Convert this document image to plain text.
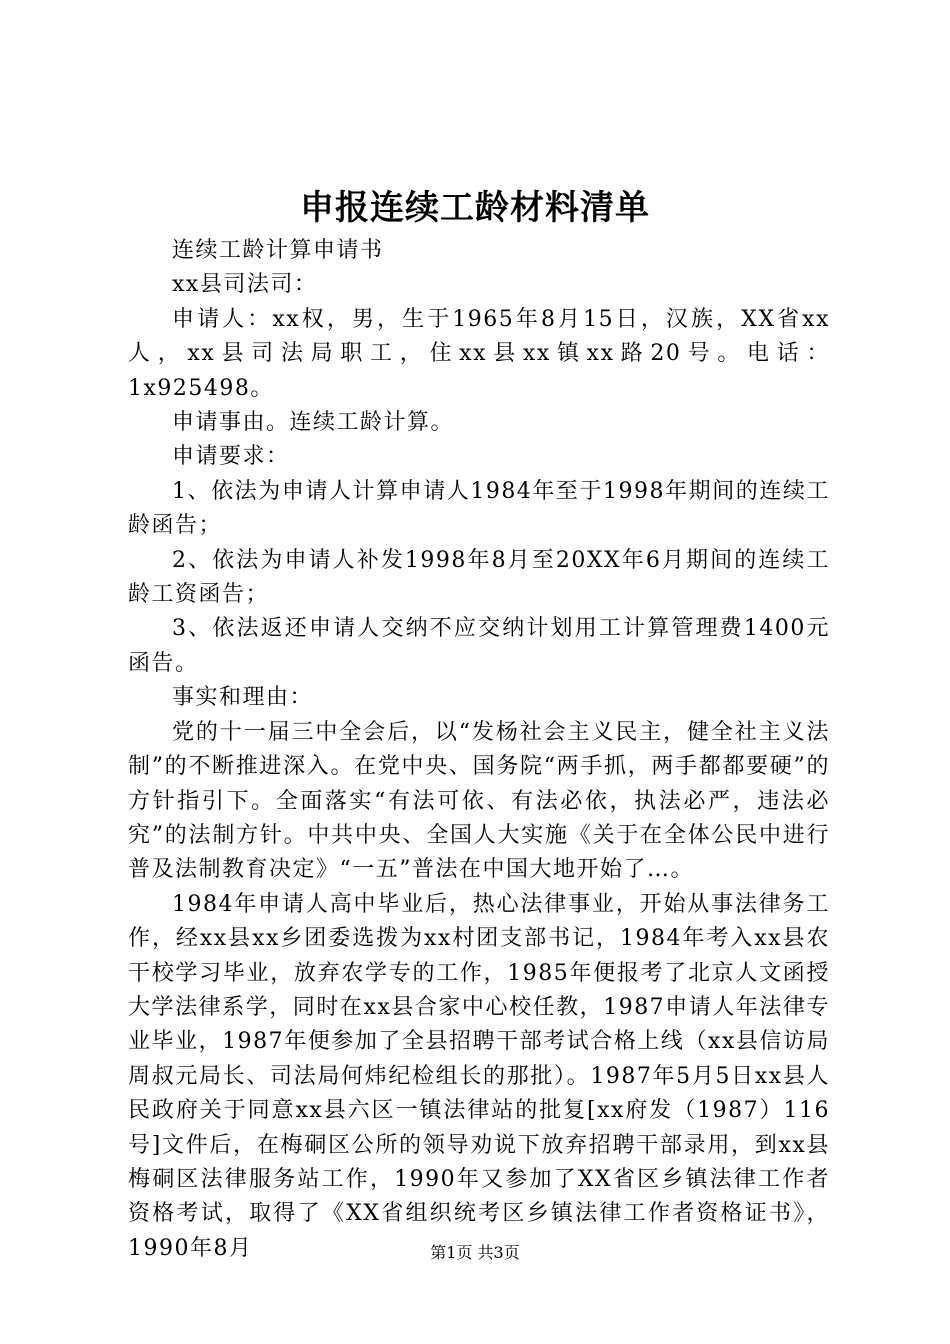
申报连续工龄材料清单

连续工龄计算申请书

xx县司法司：

申请人：xx权，男，生于1965年8月15日，汉族，XX省xx人，xx县司法局职工，住xx县xx镇xx路20号。电话：1x925498。

申请事由。连续工龄计算。

申请要求：

1、依法为申请人计算申请人1984年至于1998年期间的连续工龄函告；

2、依法为申请人补发1998年8月至20XX年6月期间的连续工龄工资函告；

3、依法返还申请人交纳不应交纳计划用工计算管理费1400元函告。

事实和理由：

党的十一届三中全会后，以“发杨社会主义民主，健全社主义法制”的不断推进深入。在党中央、国务院“两手抓，两手都都要硬”的方针指引下。全面落实“有法可依、有法必依，执法必严，违法必究”的法制方针。中共中央、全国人大实施《关于在全体公民中进行普及法制教育决定》“一五”普法在中国大地开始了…。

1984年申请人高中毕业后，热心法律事业，开始从事法律务工作，经xx县xx乡团委选拨为xx村团支部书记，1984年考入xx县农干校学习毕业，放弃农学专的工作，1985年便报考了北京人文函授大学法律系学，同时在xx县合家中心校任教，1987申请人年法律专业毕业，1987年便参加了全县招聘干部考试合格上线（xx县信访局周叔元局长、司法局何炜纪检组长的那批）。1987年5月5日xx县人民政府关于同意xx县六区一镇法律站的批复[xx府发（1987）116号]文件后，在梅硐区公所的领导劝说下放弃招聘干部录用，到xx县梅硐区法律服务站工作，1990年又参加了XX省区乡镇法律工作者资格考试，取得了《XX省组织统考区乡镇法律工作者资格证书》，1990年8月	第1页 共3页
